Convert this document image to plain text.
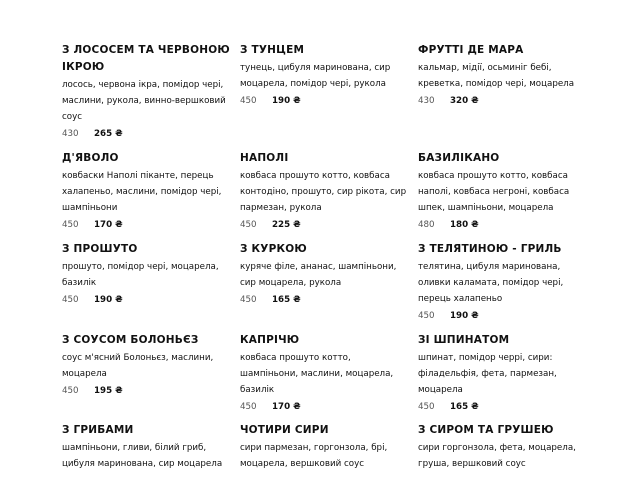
З ЛОСОСЕМ ТА ЧЕРВОНОЮ ІКРОЮ
лосось, червона ікра, помідор чері, маслини, рукола, винно-вершковий соус
430 265 ₴
З ТУНЦЕМ
тунець, цибуля маринована, сир моцарела, помідор чері, рукола
450 190 ₴
ФРУТТІ ДЕ МАРА
кальмар, мідії, осьминіг бебі, креветка, помідор чері, моцарела
430 320 ₴
Д'ЯВОЛО
ковбаски Наполі піканте, перець халапеньо, маслини, помідор чері, шампіньони
450 170 ₴
НАПОЛІ
ковбаса прошуто котто, ковбаса контодіно, прошуто, сир рікота, сир пармезан, рукола
450 225 ₴
БАЗИЛІКАНО
ковбаса прошуто котто, ковбаса наполі, ковбаса негроні, ковбаса шпек, шампіньони, моцарела
480 180 ₴
З ПРОШУТО
прошуто, помідор чері, моцарела, базилік
450 190 ₴
З КУРКОЮ
куряче філе, ананас, шампіньони, сир моцарела, рукола
450 165 ₴
З ТЕЛЯТИНОЮ - ГРИЛЬ
телятина, цибуля маринована, оливки каламата, помідор чері, перець халапеньо
450 190 ₴
З СОУСОМ БОЛОНЬЄЗ
соус м'ясний Болоньєз, маслини, моцарела
450 195 ₴
КАПРІЧЮ
ковбаса прошуто котто, шампіньони, маслини, моцарела, базилік
450 170 ₴
ЗІ ШПИНАТОМ
шпинат, помідор черрі, сири: філадельфія, фета, пармезан, моцарела
450 165 ₴
З ГРИБАМИ
шампіньони, гливи, білий гриб, цибуля маринована, сир моцарела
ЧОТИРИ СИРИ
сири пармезан, горгонзола, брі, моцарела, вершковий соус
З СИРОМ ТА ГРУШЕЮ
сири горгонзола, фета, моцарела, груша, вершковий соус
